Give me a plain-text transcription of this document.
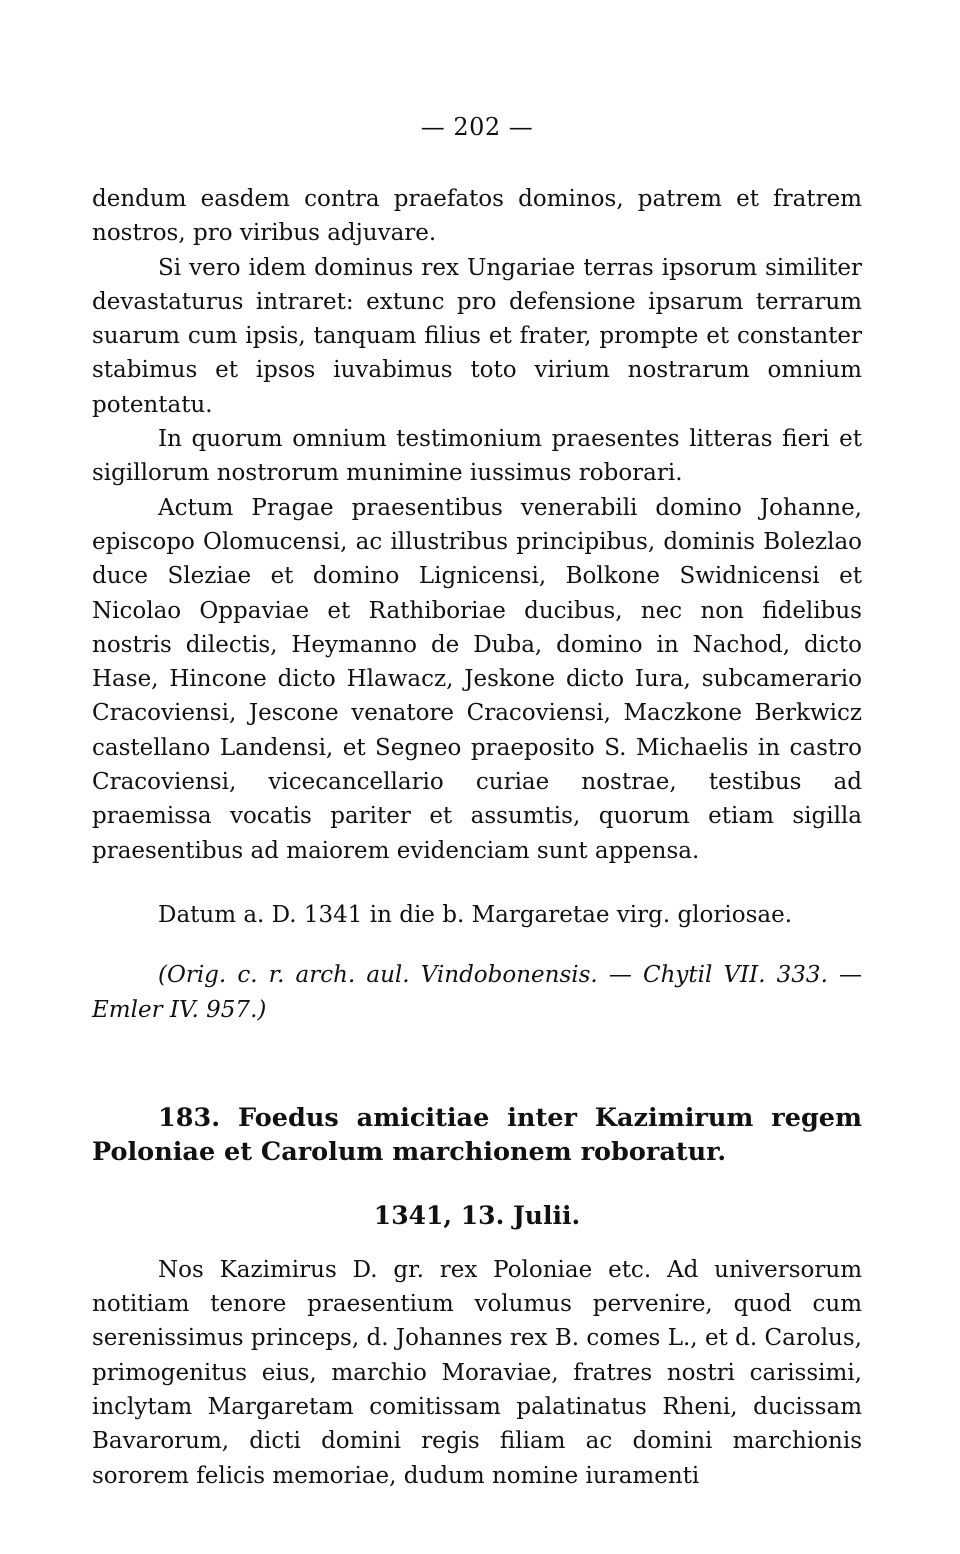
— 202 —

dendum easdem contra praefatos dominos, patrem et fratrem nostros, pro viribus adjuvare.

Si vero idem dominus rex Ungariae terras ipsorum similiter devastaturus intraret: extunc pro defensione ipsarum terrarum suarum cum ipsis, tanquam filius et frater, prompte et constanter stabimus et ipsos iuvabimus toto virium nostrarum omnium potentatu.

In quorum omnium testimonium praesentes litteras fieri et sigillorum nostrorum munimine iussimus roborari.

Actum Pragae praesentibus venerabili domino Johanne, episcopo Olomucensi, ac illustribus principibus, dominis Bolezlao duce Sleziae et domino Lignicensi, Bolkone Swidnicensi et Nicolao Oppaviae et Rathiboriae ducibus, nec non fidelibus nostris dilectis, Heymanno de Duba, domino in Nachod, dicto Hase, Hincone dicto Hlawacz, Jeskone dicto Iura, subcamerario Cracoviensi, Jescone venatore Cracoviensi, Maczkone Berkwicz castellano Landensi, et Segneo praeposito S. Michaelis in castro Cracoviensi, vicecancellario curiae nostrae, testibus ad praemissa vocatis pariter et assumtis, quorum etiam sigilla praesentibus ad maiorem evidenciam sunt appensa.

Datum a. D. 1341 in die b. Margaretae virg. gloriosae.

(Orig. c. r. arch. aul. Vindobonensis. — Chytil VII. 333. — Emler IV. 957.)

183. Foedus amicitiae inter Kazimirum regem Poloniae et Carolum marchionem roboratur.

1341, 13. Julii.

Nos Kazimirus D. gr. rex Poloniae etc. Ad universorum notitiam tenore praesentium volumus pervenire, quod cum serenissimus princeps, d. Johannes rex B. comes L., et d. Carolus, primogenitus eius, marchio Moraviae, fratres nostri carissimi, inclytam Margaretam comitissam palatinatus Rheni, ducissam Bavarorum, dicti domini regis filiam ac domini marchionis sororem felicis memoriae, dudum nomine iuramenti
